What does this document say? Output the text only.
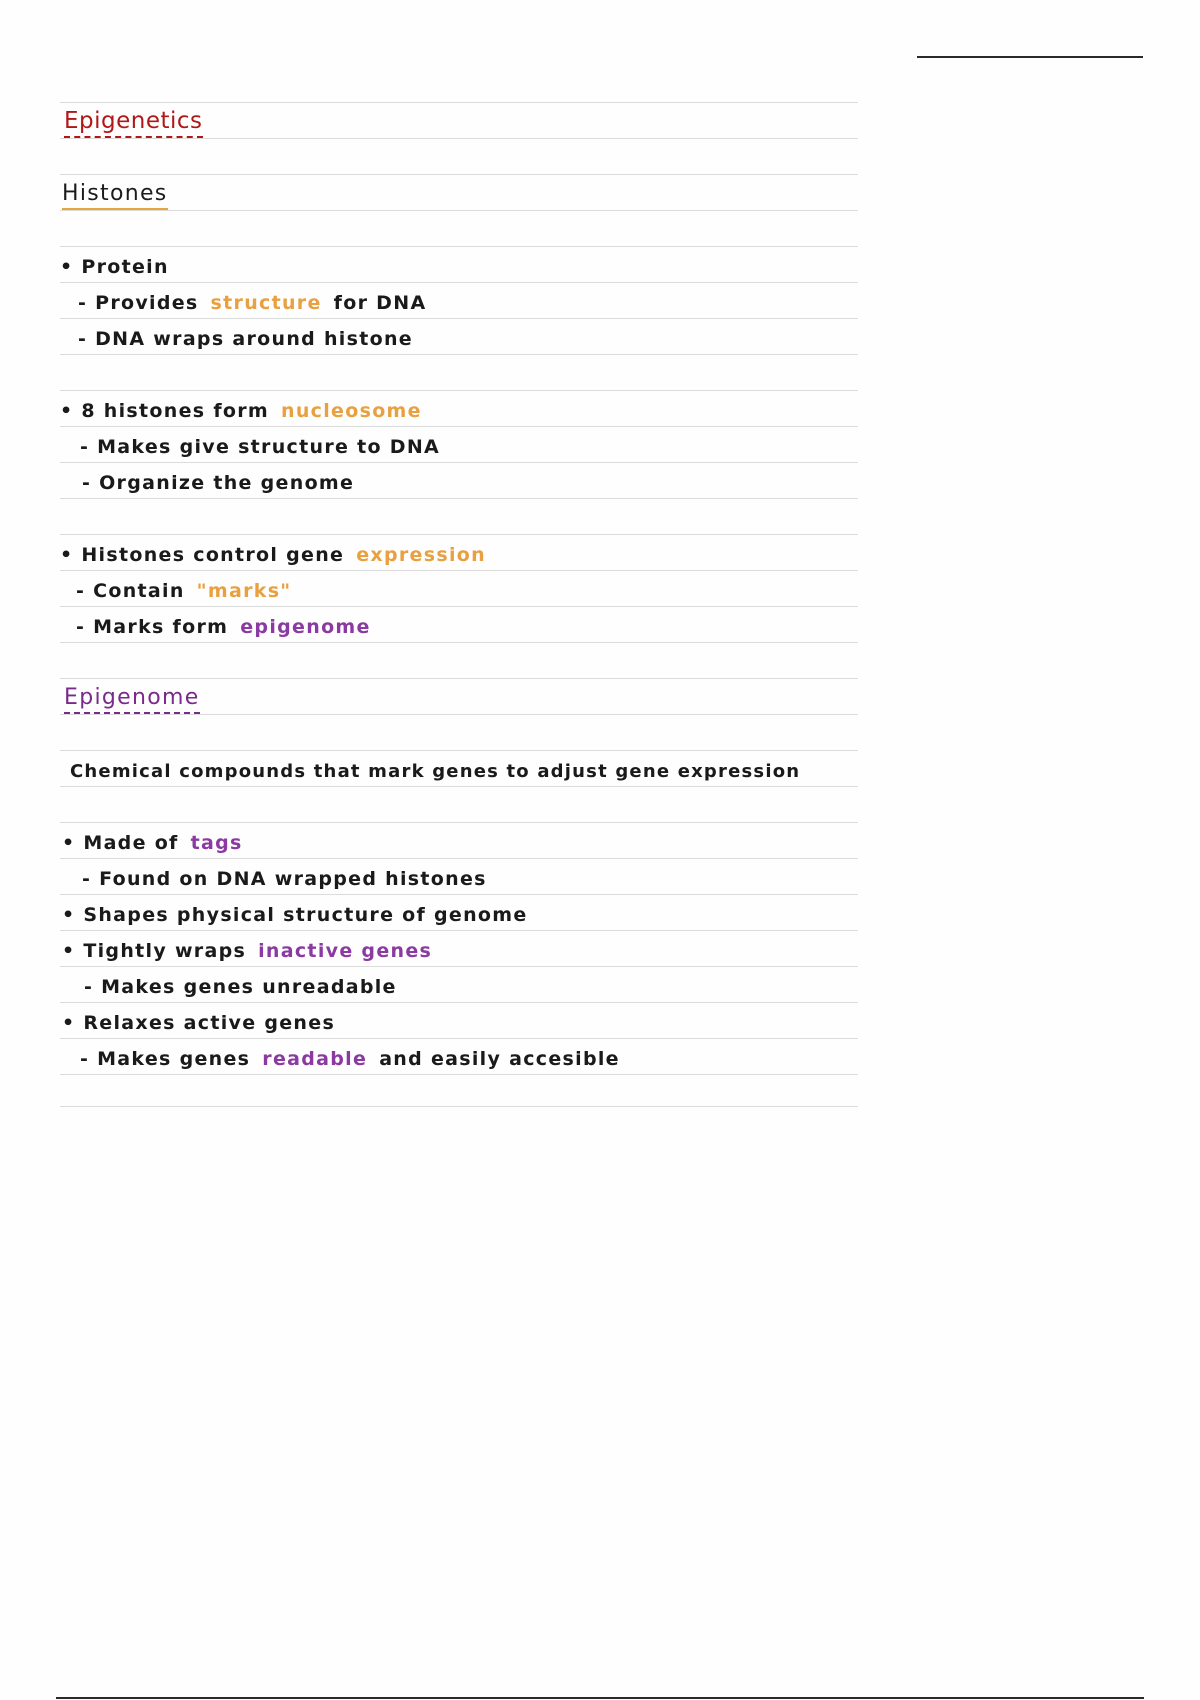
Epigenetics
Histones
• Protein
- Provides structure for DNA
- DNA wraps around histone
• 8 histones form nucleosome
- Makes give structure to DNA
- Organize the genome
• Histones control gene expression
- Contain "marks"
- Marks form epigenome
Epigenome
Chemical compounds that mark genes to adjust gene expression
• Made of tags
- Found on DNA wrapped histones
• Shapes physical structure of genome
• Tightly wraps inactive genes
- Makes genes unreadable
• Relaxes active genes
- Makes genes readable and easily accesible
